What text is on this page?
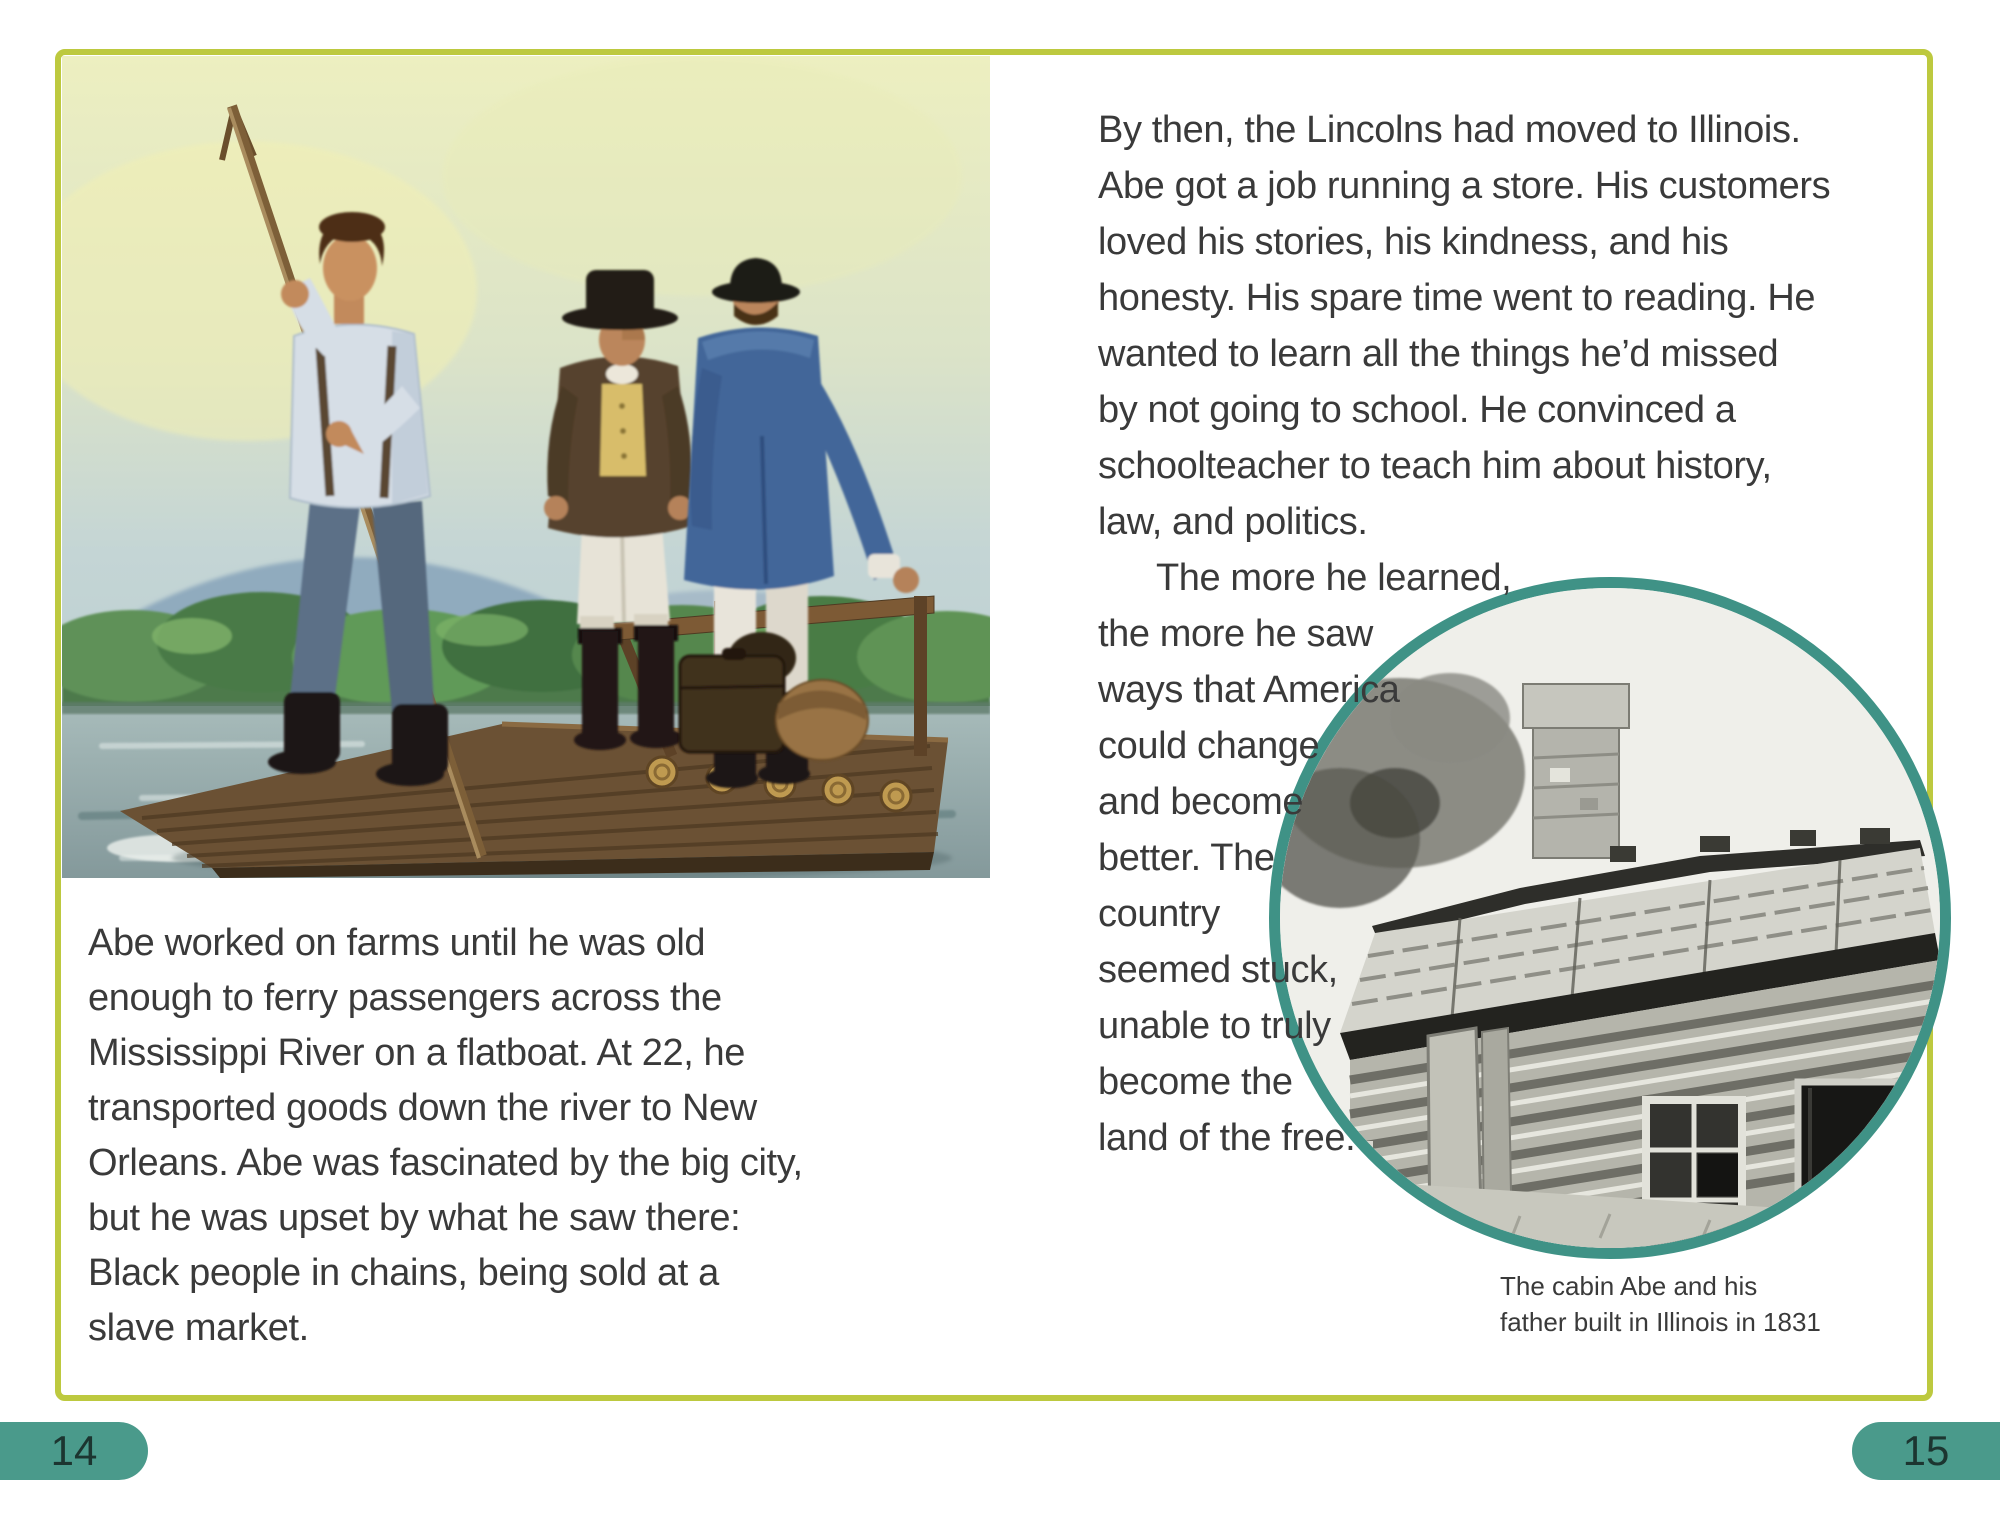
Abe worked on farms until he was old
enough to ferry passengers across the
Mississippi River on a flatboat. At 22, he
transported goods down the river to New
Orleans. Abe was fascinated by the big city,
but he was upset by what he saw there:
Black people in chains, being sold at a
slave market.
By then, the Lincolns had moved to Illinois.
Abe got a job running a store. His customers
loved his stories, his kindness, and his
honesty. His spare time went to reading. He
wanted to learn all the things he’d missed
by not going to school. He convinced a
schoolteacher to teach him about history,
law, and politics.
The more he learned,
the more he saw
ways that America
could change
and become
better. The
country
seemed stuck,
unable to truly
become the
land of the free.
The cabin Abe and his
father built in Illinois in 1831
14	15
